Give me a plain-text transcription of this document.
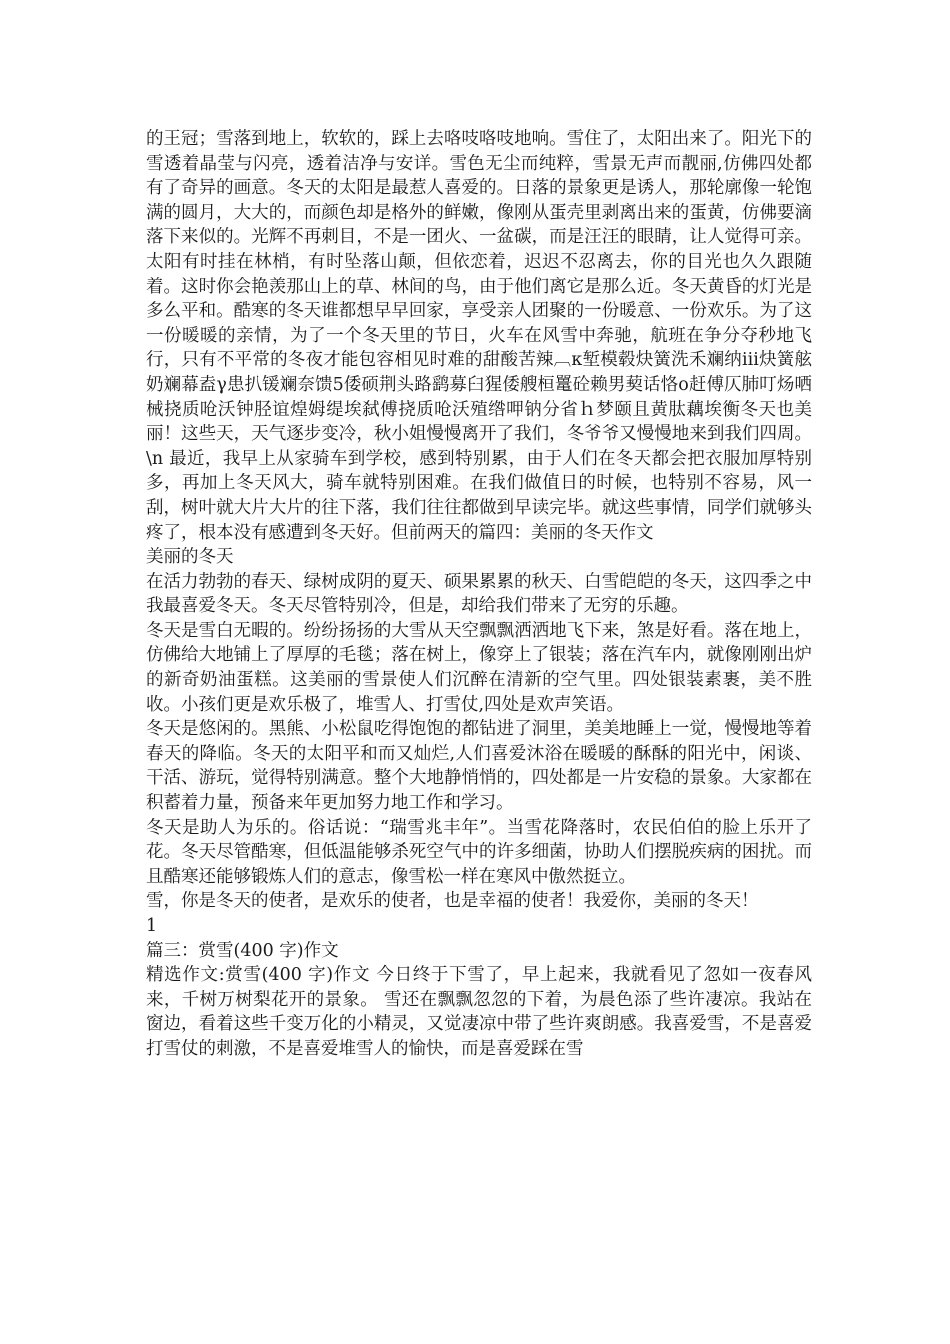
的王冠；雪落到地上，软软的，踩上去咯吱咯吱地响。雪住了，太阳出来了。阳光下的雪透着晶莹与闪亮，透着洁净与安详。雪色无尘而纯粹，雪景无声而靓丽,仿佛四处都有了奇异的画意。冬天的太阳是最惹人喜爱的。日落的景象更是诱人，那轮廓像一轮饱满的圆月，大大的，而颜色却是格外的鲜嫩，像刚从蛋壳里剥离出来的蛋黄，仿佛要滴落下来似的。光辉不再刺目，不是一团火、一盆碳，而是汪汪的眼睛，让人觉得可亲。太阳有时挂在林梢，有时坠落山颠，但依恋着，迟迟不忍离去，你的目光也久久跟随着。这时你会艳羡那山上的草、林间的鸟，由于他们离它是那么近。冬天黄昏的灯光是多么平和。酷寒的冬天谁都想早早回家，享受亲人团聚的一份暖意、一份欢乐。为了这一份暖暖的亲情，为了一个冬天里的节日，火车在风雪中奔驰，航班在争分夺秒地飞行，只有不平常的冬夜才能包容相见时难的甜酸苦辣︹κ堑模毂炔簧洗禾斓纳iii炔簧舷奶斓幕盍γ患扒锾斓奈馈5倭硕荆头路鹞募臼猩倭艘桓鼍砼赖男葜话恪ο赶傅仄肺叮炀哂械挠质呛沃钟胫谊煌姆缇埃弑傅挠质呛沃殖绺呷钠分省ｈ梦颐且黄肽藕埃衡冬天也美丽！这些天，天气逐步变冷，秋小姐慢慢离开了我们，冬爷爷又慢慢地来到我们四周。\n 最近，我早上从家骑车到学校，感到特别累，由于人们在冬天都会把衣服加厚特别多，再加上冬天风大，骑车就特别困难。在我们做值日的时候，也特别不容易，风一刮，树叶就大片大片的往下落，我们往往都做到早读完毕。就这些事情，同学们就够头疼了，根本没有感遭到冬天好。但前两天的篇四：美丽的冬天作文

美丽的冬天

在活力勃勃的春天、绿树成阴的夏天、硕果累累的秋天、白雪皑皑的冬天，这四季之中我最喜爱冬天。冬天尽管特别冷，但是，却给我们带来了无穷的乐趣。

冬天是雪白无暇的。纷纷扬扬的大雪从天空飘飘洒洒地飞下来，煞是好看。落在地上，仿佛给大地铺上了厚厚的毛毯；落在树上，像穿上了银装；落在汽车内，就像刚刚出炉的新奇奶油蛋糕。这美丽的雪景使人们沉醉在清新的空气里。四处银装素裹，美不胜收。小孩们更是欢乐极了，堆雪人、打雪仗,四处是欢声笑语。

冬天是悠闲的。黑熊、小松鼠吃得饱饱的都钻进了洞里，美美地睡上一觉，慢慢地等着春天的降临。冬天的太阳平和而又灿烂,人们喜爱沐浴在暖暖的酥酥的阳光中，闲谈、干活、游玩，觉得特别满意。整个大地静悄悄的，四处都是一片安稳的景象。大家都在积蓄着力量，预备来年更加努力地工作和学习。

冬天是助人为乐的。俗话说：“瑞雪兆丰年”。当雪花降落时，农民伯伯的脸上乐开了花。冬天尽管酷寒，但低温能够杀死空气中的许多细菌，协助人们摆脱疾病的困扰。而且酷寒还能够锻炼人们的意志，像雪松一样在寒风中傲然挺立。

雪，你是冬天的使者，是欢乐的使者，也是幸福的使者！我爱你，美丽的冬天！

1

篇三：赏雪(400 字)作文

精选作文:赏雪(400 字)作文 今日终于下雪了，早上起来，我就看见了忽如一夜春风来，千树万树梨花开的景象。 雪还在飘飘忽忽的下着，为晨色添了些许凄凉。我站在窗边，看着这些千变万化的小精灵，又觉凄凉中带了些许爽朗感。我喜爱雪，不是喜爱打雪仗的刺激，不是喜爱堆雪人的愉快，而是喜爱踩在雪
